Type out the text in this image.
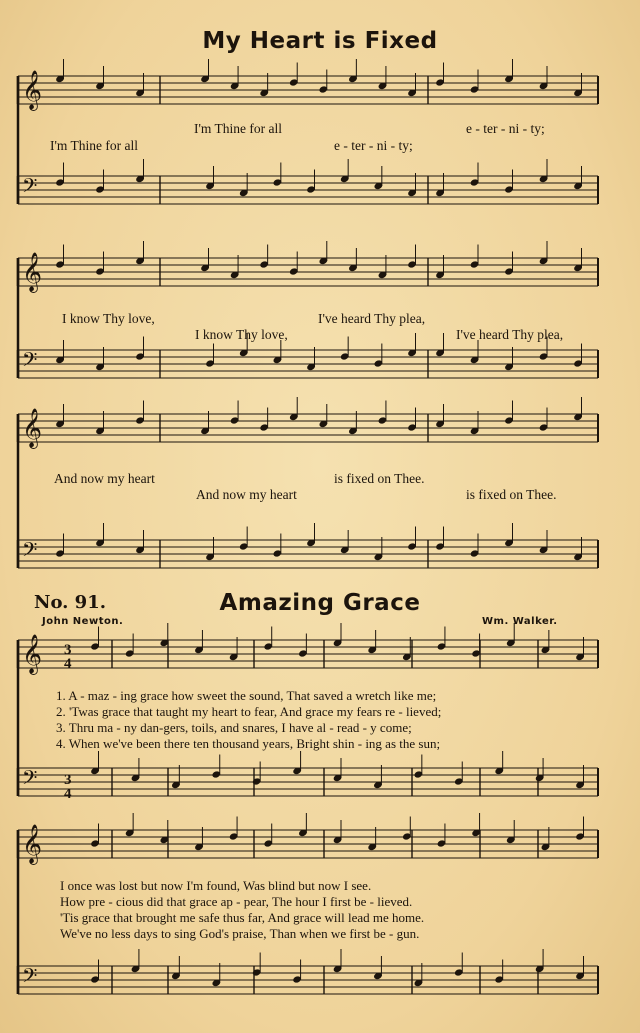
𝄞
𝄢
𝄞
𝄢
𝄞
𝄢
𝄞
𝄢
𝄞
𝄢
My Heart is Fixed
I'm Thine for all	e - ter - ni - ty;
I'm Thine for all	e - ter - ni - ty;
I know Thy love,	I've heard Thy plea,
I know Thy love,	I've heard Thy plea,
And now my heart	is fixed on Thee.
And now my heart	is fixed on Thee.
No. 91.	Amazing Grace
John Newton.	Wm. Walker.
1. A - maz - ing grace how sweet the sound, That saved a wretch like me;
2. 'Twas grace that taught my heart to fear, And grace my fears re - lieved;
3. Thru ma - ny dan-gers, toils, and snares, I have al - read - y come;
4. When we've been there ten thousand years, Bright shin - ing as the sun;
I once was lost but now I'm found, Was blind but now I see.
How pre - cious did that grace ap - pear, The hour I first be - lieved.
'Tis grace that brought me safe thus far, And grace will lead me home.
We've no less days to sing God's praise, Than when we first be - gun.
3
4
3
4
